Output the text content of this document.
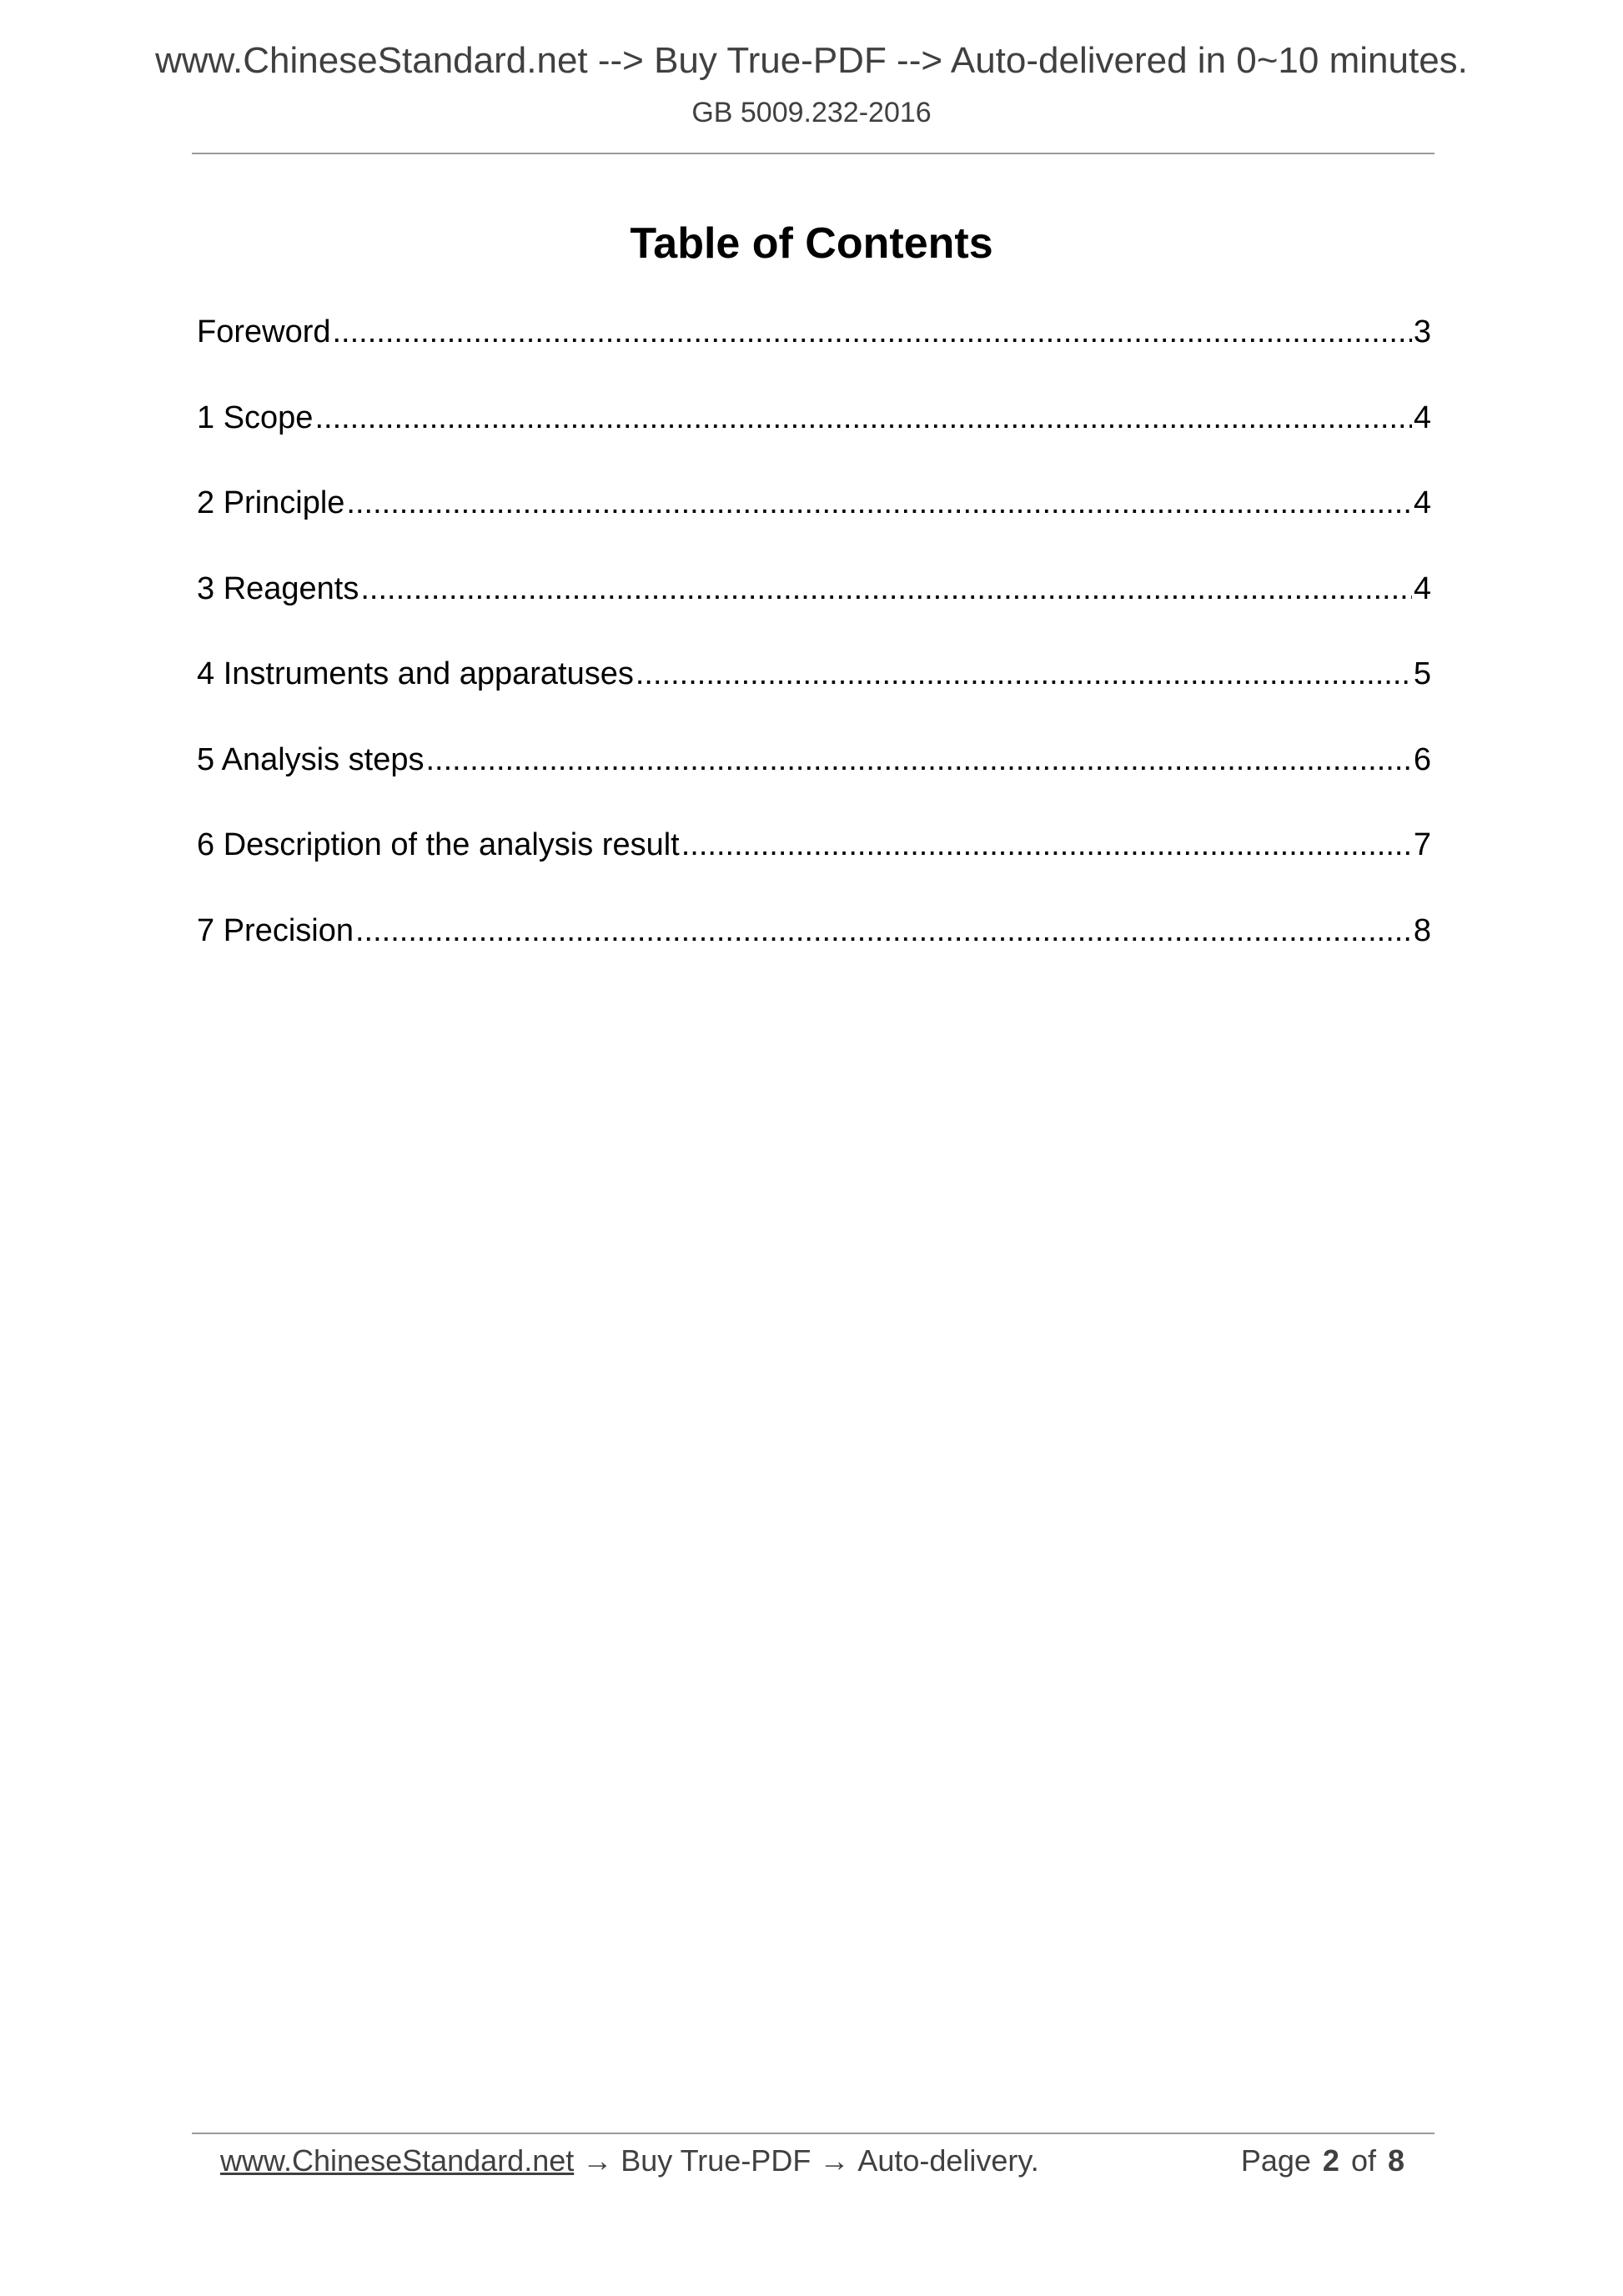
www.ChineseStandard.net --> Buy True-PDF --> Auto-delivered in 0~10 minutes.
GB 5009.232-2016
Table of Contents
Foreword .....	3
1 Scope .....	4
2 Principle .....	4
3 Reagents .....	4
4 Instruments and apparatuses .....	5
5 Analysis steps .....	6
6 Description of the analysis result .....	7
7 Precision .....	8
www.ChineseStandard.net → Buy True-PDF → Auto-delivery.	Page 2 of 8
